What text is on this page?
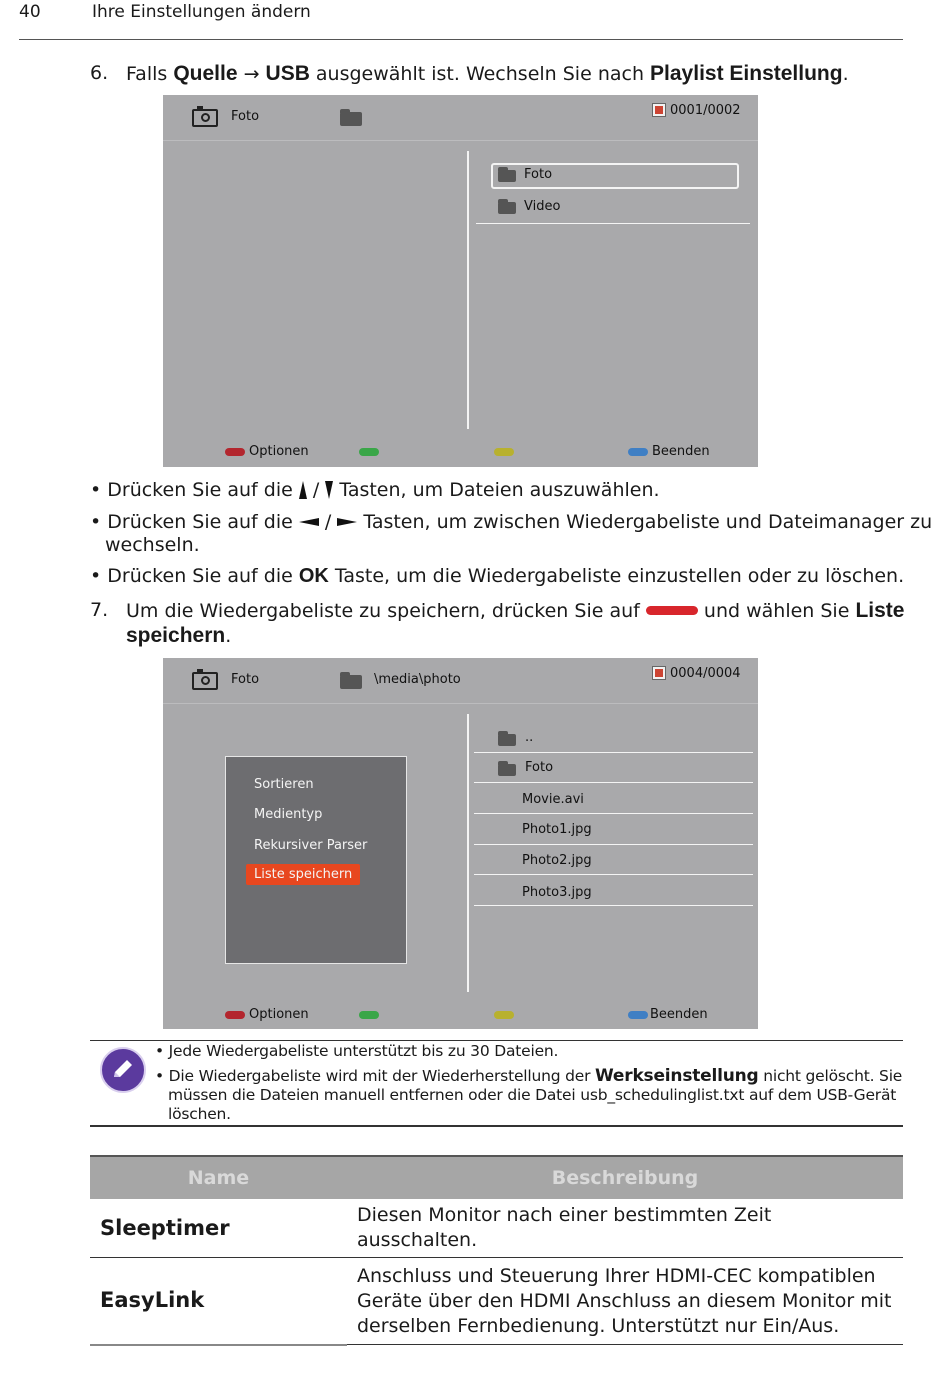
40	Ihre Einstellungen ändern
6. Falls Quelle → USB ausgewählt ist. Wechseln Sie nach Playlist Einstellung.
Foto	0001/0002
Foto
Video
Optionen	Beenden
• Drücken Sie auf die  /  Tasten, um Dateien auszuwählen.
• Drücken Sie auf die  /  Tasten, um zwischen Wiedergabeliste und Dateimanager zu
wechseln.
• Drücken Sie auf die OK Taste, um die Wiedergabeliste einzustellen oder zu löschen.
7. Um die Wiedergabeliste zu speichern, drücken Sie auf	und wählen Sie Liste
speichern.
Foto	\media\photo	0004/0004
Sortieren
Medientyp
Rekursiver Parser
Liste speichern
..
Foto
Movie.avi
Photo1.jpg
Photo2.jpg
Photo3.jpg
Optionen	Beenden
• Jede Wiedergabeliste unterstützt bis zu 30 Dateien.
• Die Wiedergabeliste wird mit der Wiederherstellung der Werkseinstellung nicht gelöscht. Sie
müssen die Dateien manuell entfernen oder die Datei usb_schedulinglist.txt auf dem USB-Gerät
löschen.
Name	Beschreibung
Sleeptimer	Diesen Monitor nach einer bestimmten Zeit ausschalten.
EasyLink	Anschluss und Steuerung Ihrer HDMI-CEC kompatiblen Geräte über den HDMI Anschluss an diesem Monitor mit derselben Fernbedienung. Unterstützt nur Ein/Aus.
